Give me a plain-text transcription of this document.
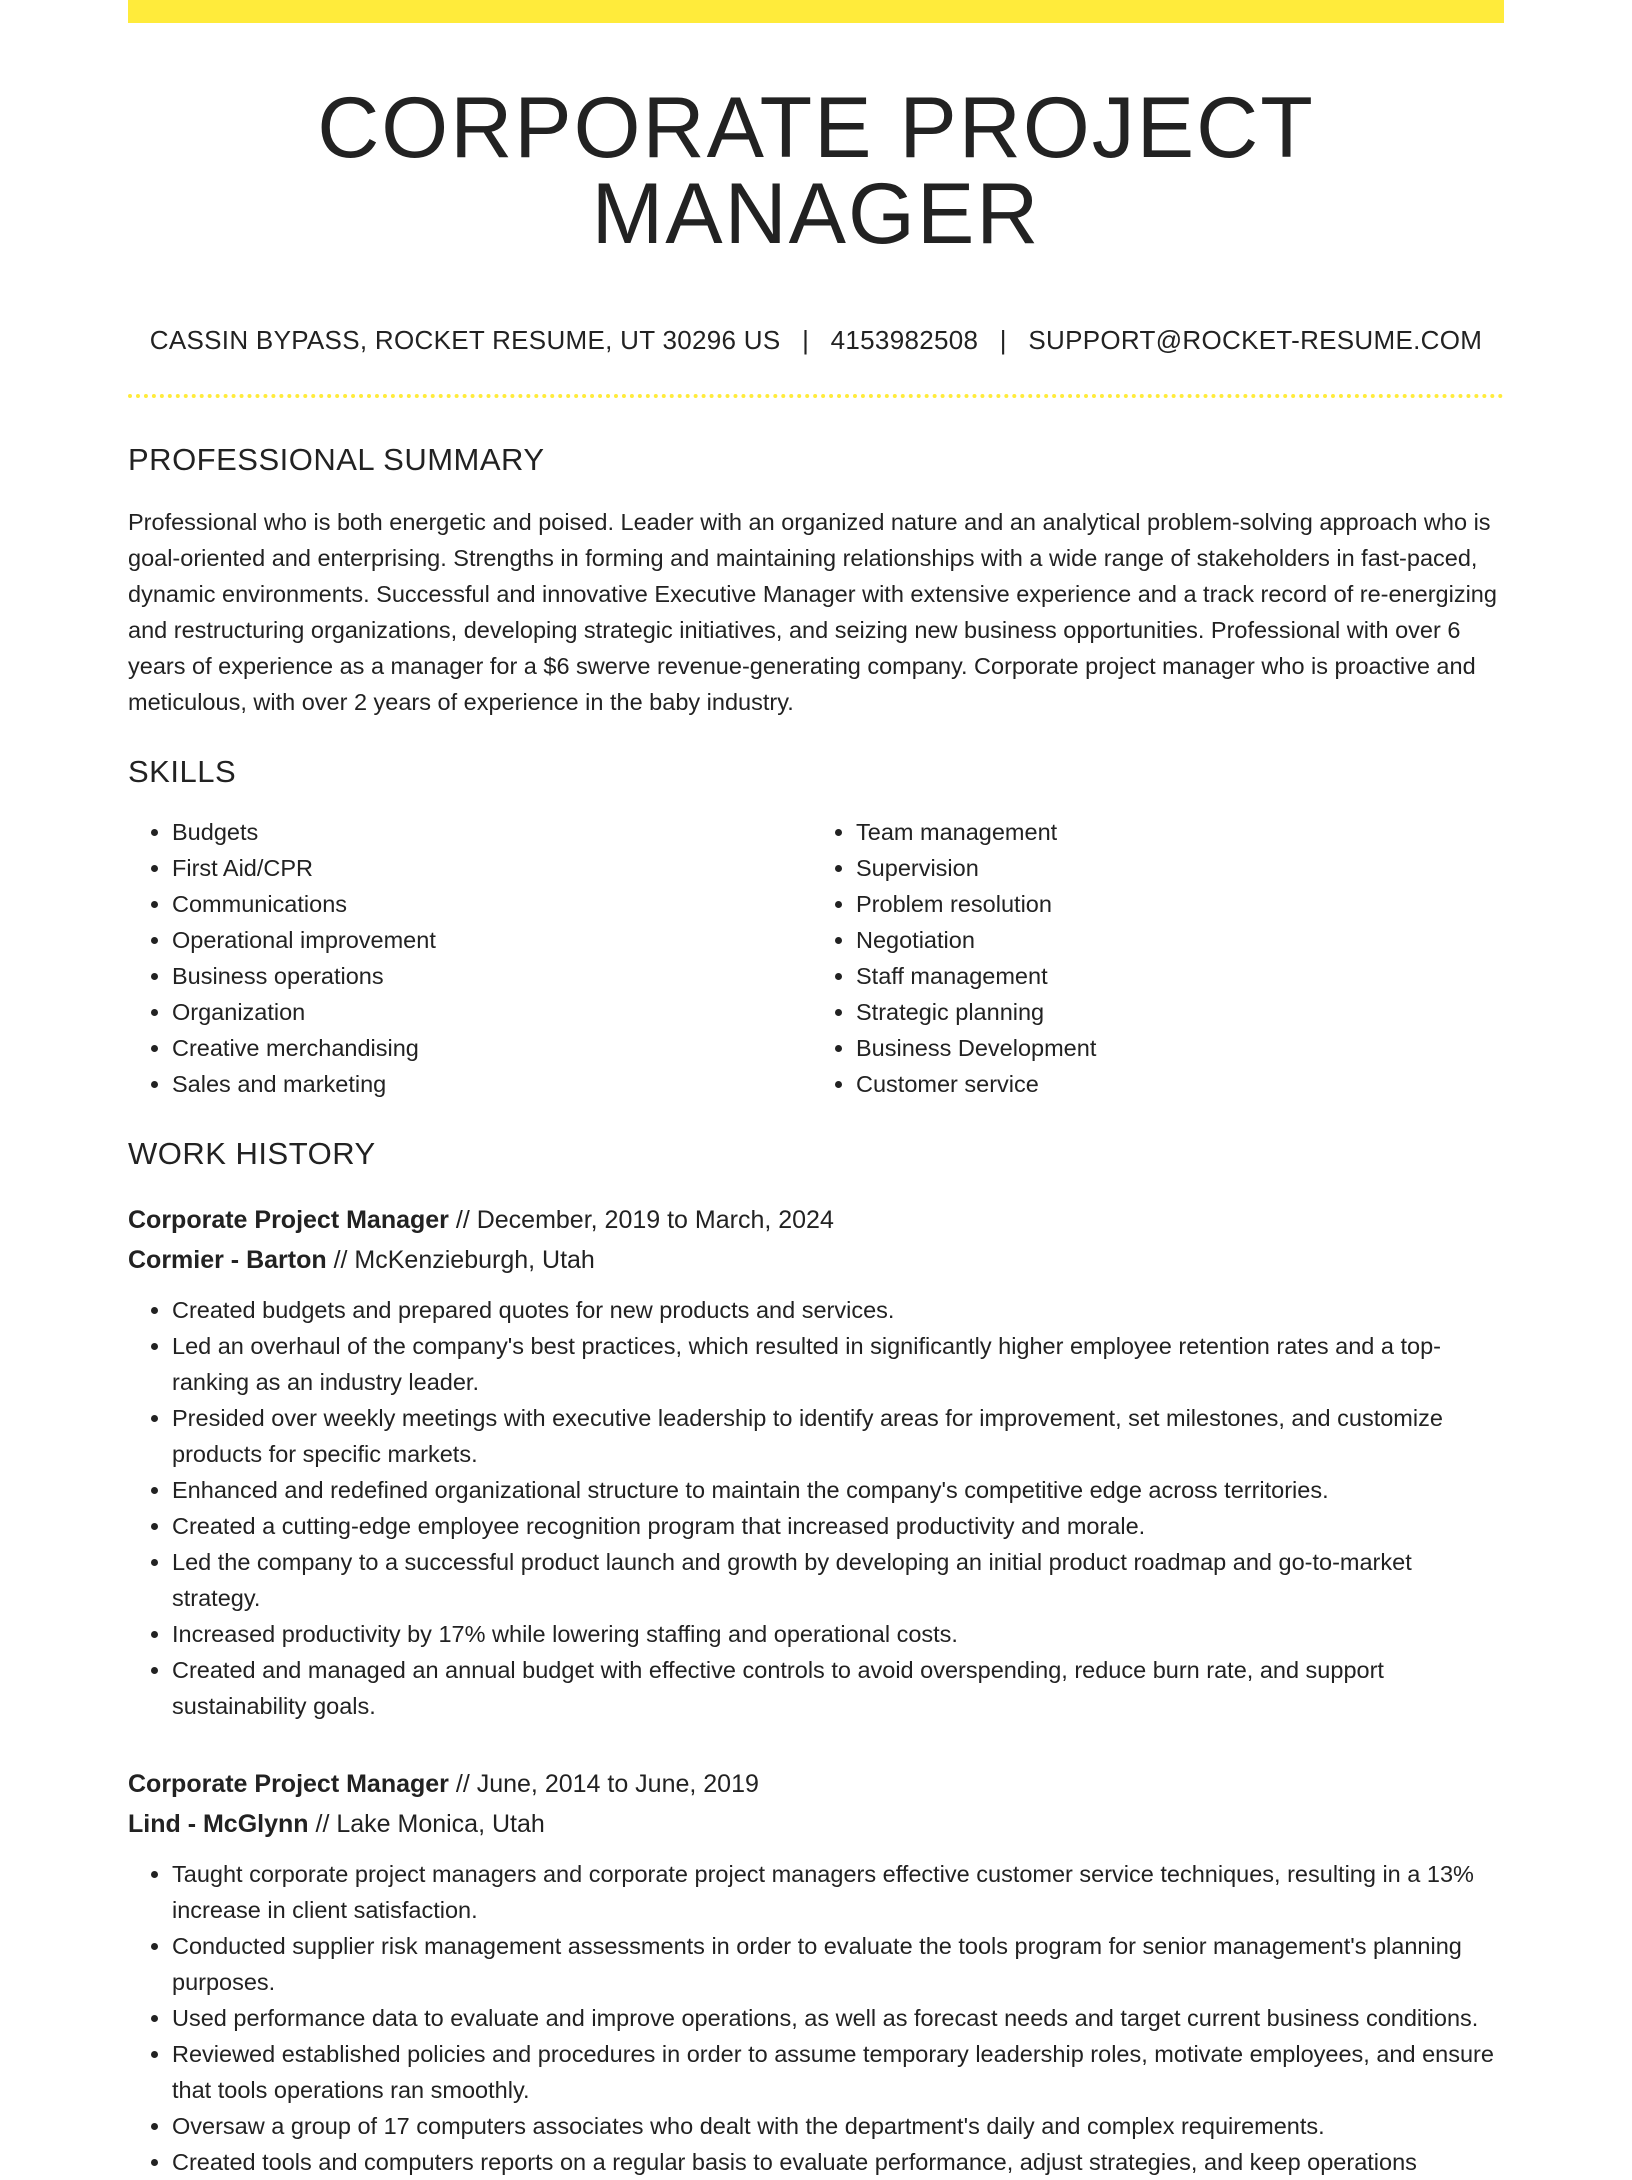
CORPORATE PROJECT MANAGER
CASSIN BYPASS, ROCKET RESUME, UT 30296 US | 4153982508 | SUPPORT@ROCKET-RESUME.COM
PROFESSIONAL SUMMARY

Professional who is both energetic and poised. Leader with an organized nature and an analytical problem-solving approach who is goal-oriented and enterprising. Strengths in forming and maintaining relationships with a wide range of stakeholders in fast-paced, dynamic environments. Successful and innovative Executive Manager with extensive experience and a track record of re-energizing and restructuring organizations, developing strategic initiatives, and seizing new business opportunities. Professional with over 6 years of experience as a manager for a $6 swerve revenue-generating company. Corporate project manager who is proactive and meticulous, with over 2 years of experience in the baby industry.

SKILLS
• Budgets
• First Aid/CPR
• Communications
• Operational improvement
• Business operations
• Organization
• Creative merchandising
• Sales and marketing
• Team management
• Supervision
• Problem resolution
• Negotiation
• Staff management
• Strategic planning
• Business Development
• Customer service
WORK HISTORY
Corporate Project Manager // December, 2019 to March, 2024
Cormier - Barton // McKenzieburgh, Utah
• Created budgets and prepared quotes for new products and services.
• Led an overhaul of the company's best practices, which resulted in significantly higher employee retention rates and a top-ranking as an industry leader.
• Presided over weekly meetings with executive leadership to identify areas for improvement, set milestones, and customize products for specific markets.
• Enhanced and redefined organizational structure to maintain the company's competitive edge across territories.
• Created a cutting-edge employee recognition program that increased productivity and morale.
• Led the company to a successful product launch and growth by developing an initial product roadmap and go-to-market strategy.
• Increased productivity by 17% while lowering staffing and operational costs.
• Created and managed an annual budget with effective controls to avoid overspending, reduce burn rate, and support sustainability goals.
Corporate Project Manager // June, 2014 to June, 2019
Lind - McGlynn // Lake Monica, Utah
• Taught corporate project managers and corporate project managers effective customer service techniques, resulting in a 13% increase in client satisfaction.
• Conducted supplier risk management assessments in order to evaluate the tools program for senior management's planning purposes.
• Used performance data to evaluate and improve operations, as well as forecast needs and target current business conditions.
• Reviewed established policies and procedures in order to assume temporary leadership roles, motivate employees, and ensure that tools operations ran smoothly.
• Oversaw a group of 17 computers associates who dealt with the department's daily and complex requirements.
• Created tools and computers reports on a regular basis to evaluate performance, adjust strategies, and keep operations
